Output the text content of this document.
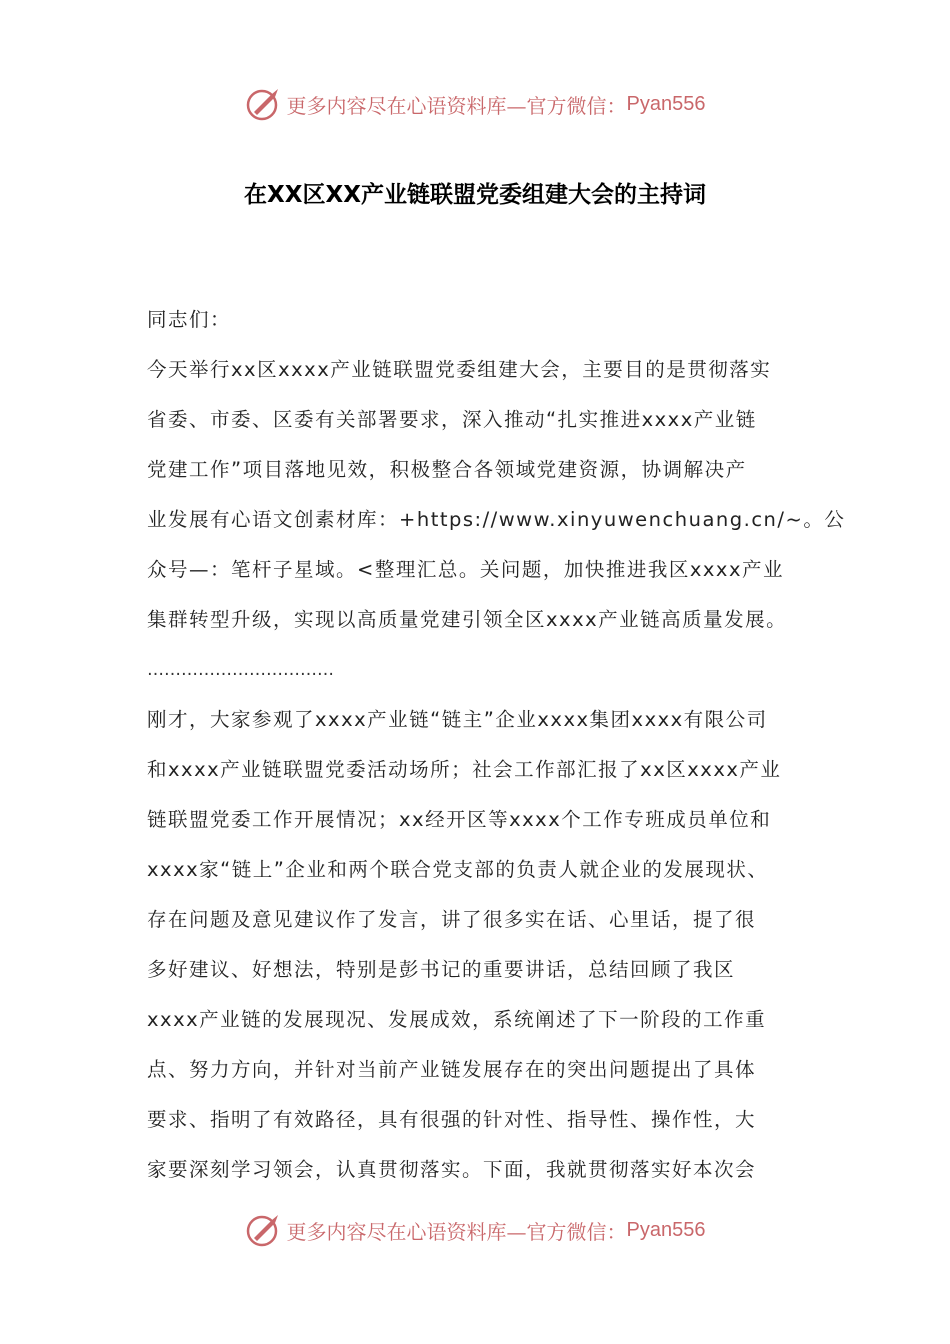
更多内容尽在心语资料库—官方微信： Pyan556
在XX区XX产业链联盟党委组建大会的主持词
同志们：
今天举行xx区xxxx产业链联盟党委组建大会，主要目的是贯彻落实
省委、市委、区委有关部署要求，深入推动“扎实推进xxxx产业链
党建工作”项目落地见效，积极整合各领域党建资源，协调解决产
业发展有心语文创素材库：+https://www.xinyuwenchuang.cn/~。公
众号—：笔杆子星域。<整理汇总。关问题，加快推进我区xxxx产业
集群转型升级，实现以高质量党建引领全区xxxx产业链高质量发展。
……………………………
刚才，大家参观了xxxx产业链“链主”企业xxxx集团xxxx有限公司
和xxxx产业链联盟党委活动场所；社会工作部汇报了xx区xxxx产业
链联盟党委工作开展情况；xx经开区等xxxx个工作专班成员单位和
xxxx家“链上”企业和两个联合党支部的负责人就企业的发展现状、
存在问题及意见建议作了发言，讲了很多实在话、心里话，提了很
多好建议、好想法，特别是彭书记的重要讲话，总结回顾了我区
xxxx产业链的发展现况、发展成效，系统阐述了下一阶段的工作重
点、努力方向，并针对当前产业链发展存在的突出问题提出了具体
要求、指明了有效路径，具有很强的针对性、指导性、操作性，大
家要深刻学习领会，认真贯彻落实。下面，我就贯彻落实好本次会
更多内容尽在心语资料库—官方微信： Pyan556
